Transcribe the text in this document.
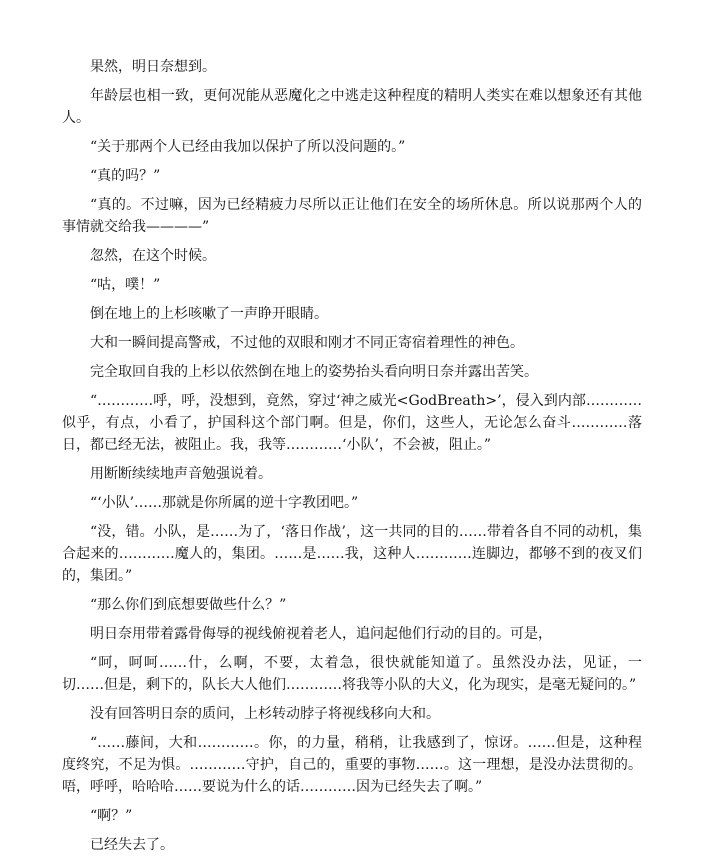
果然，明日奈想到。

年龄层也相一致，更何况能从恶魔化之中逃走这种程度的精明人类实在难以想象还有其他人。

“关于那两个人已经由我加以保护了所以没问题的。”

“真的吗？”

“真的。不过嘛，因为已经精疲力尽所以正让他们在安全的场所休息。所以说那两个人的事情就交给我————”

忽然，在这个时候。

“咕，噗！”

倒在地上的上杉咳嗽了一声睁开眼睛。

大和一瞬间提高警戒，不过他的双眼和刚才不同正寄宿着理性的神色。

完全取回自我的上杉以依然倒在地上的姿势抬头看向明日奈并露出苦笑。

“…………呼，呼，没想到，竟然，穿过‘神之威光<GodBreath>’，侵入到内部…………似乎，有点，小看了，护国科这个部门啊。但是，你们，这些人，无论怎么奋斗…………落日，都已经无法，被阻止。我，我等…………‘小队’，不会被，阻止。”

用断断续续地声音勉强说着。

“‘小队’……那就是你所属的逆十字教团吧。”

“没，错。小队，是……为了，‘落日作战’，这一共同的目的……带着各自不同的动机，集合起来的…………魔人的，集团。……是……我，这种人…………连脚边，都够不到的夜叉们的，集团。”

“那么你们到底想要做些什么？”

明日奈用带着露骨侮辱的视线俯视着老人，追问起他们行动的目的。可是，

“呵，呵呵……什，么啊，不要，太着急，很快就能知道了。虽然没办法，见证，一切……但是，剩下的，队长大人他们…………将我等小队的大义，化为现实，是毫无疑问的。”

没有回答明日奈的质问，上杉转动脖子将视线移向大和。

“……藤间，大和…………。你，的力量，稍稍，让我感到了，惊讶。……但是，这种程度终究，不足为惧。…………守护，自己的，重要的事物……。这一理想，是没办法贯彻的。唔，呼呼，哈哈哈……要说为什么的话…………因为已经失去了啊。”

“啊？”

已经失去了。
